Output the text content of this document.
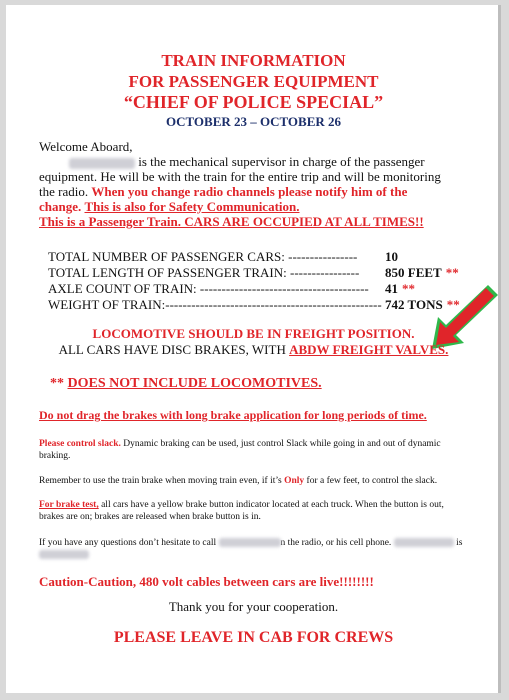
TRAIN INFORMATION
FOR PASSENGER EQUIPMENT
“CHIEF OF POLICE SPECIAL”
OCTOBER 23 – OCTOBER 26
Welcome Aboard,
is the mechanical supervisor in charge of the passenger
equipment. He will be with the train for the entire trip and will be monitoring
the radio. When you change radio channels please notify him of the
change. This is also for Safety Communication.
This is a Passenger Train. CARS ARE OCCUPIED AT ALL TIMES!!
TOTAL NUMBER OF PASSENGER CARS: ---------------- 10
TOTAL LENGTH OF PASSENGER TRAIN: ---------------- 850 FEET **
AXLE COUNT OF TRAIN: --------------------------------------- 41 **
WEIGHT OF TRAIN:-------------------------------------------------- 742 TONS **
LOCOMOTIVE SHOULD BE IN FREIGHT POSITION.
ALL CARS HAVE DISC BRAKES, WITH ABDW FREIGHT VALVES.
** DOES NOT INCLUDE LOCOMOTIVES.
Do not drag the brakes with long brake application for long periods of time.
Please control slack. Dynamic braking can be used, just control Slack while going in and out of dynamic
braking.
Remember to use the train brake when moving train even, if it’s Only for a few feet, to control the slack.
For brake test, all cars have a yellow brake button indicator located at each truck. When the button is out,
brakes are on; brakes are released when brake button is in.
If you have any questions don’t hesitate to call	n the radio, or his cell phone.	is

Caution-Caution, 480 volt cables between cars are live!!!!!!!!
Thank you for your cooperation.
PLEASE LEAVE IN CAB FOR CREWS
